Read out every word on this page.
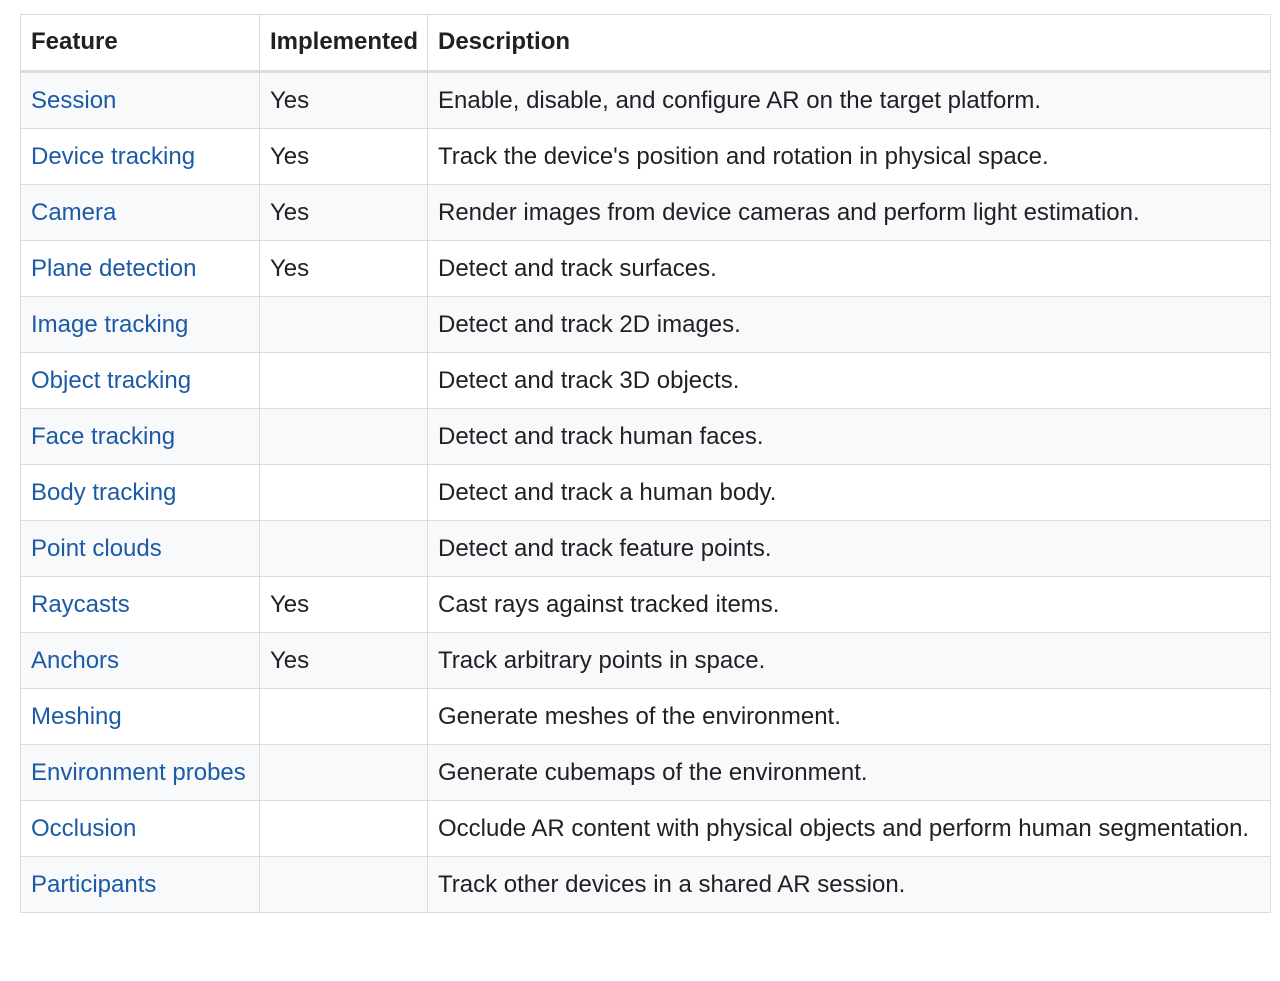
Feature	Implemented	Description
Session	Yes	Enable, disable, and configure AR on the target platform.
Device tracking	Yes	Track the device's position and rotation in physical space.
Camera	Yes	Render images from device cameras and perform light estimation.
Plane detection	Yes	Detect and track surfaces.
Image tracking		Detect and track 2D images.
Object tracking		Detect and track 3D objects.
Face tracking		Detect and track human faces.
Body tracking		Detect and track a human body.
Point clouds		Detect and track feature points.
Raycasts	Yes	Cast rays against tracked items.
Anchors	Yes	Track arbitrary points in space.
Meshing		Generate meshes of the environment.
Environment probes		Generate cubemaps of the environment.
Occlusion		Occlude AR content with physical objects and perform human segmentation.
Participants		Track other devices in a shared AR session.
